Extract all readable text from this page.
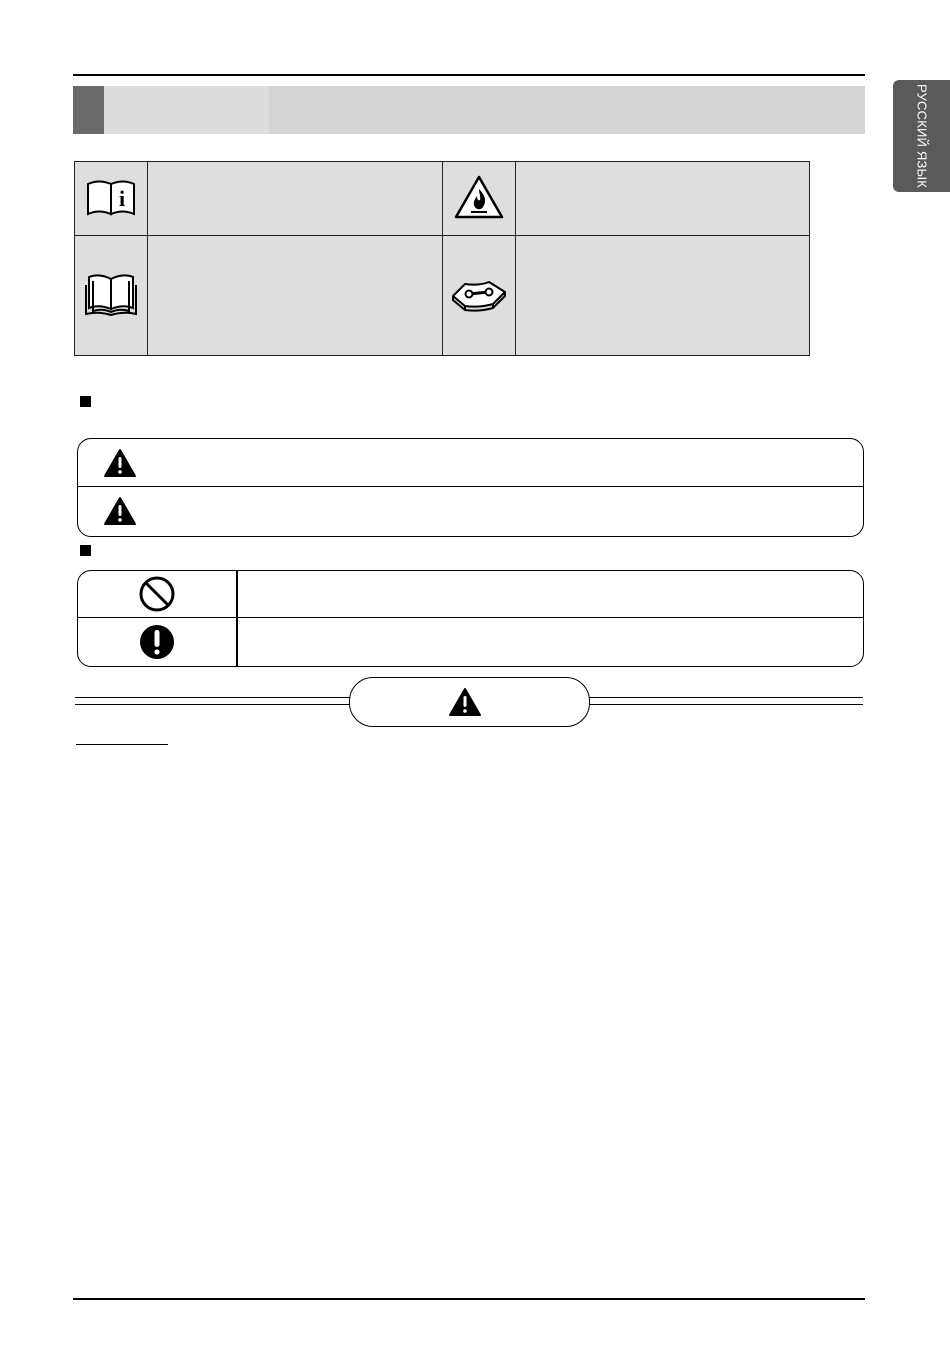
РУССКИЙ ЯЗЫК
i
